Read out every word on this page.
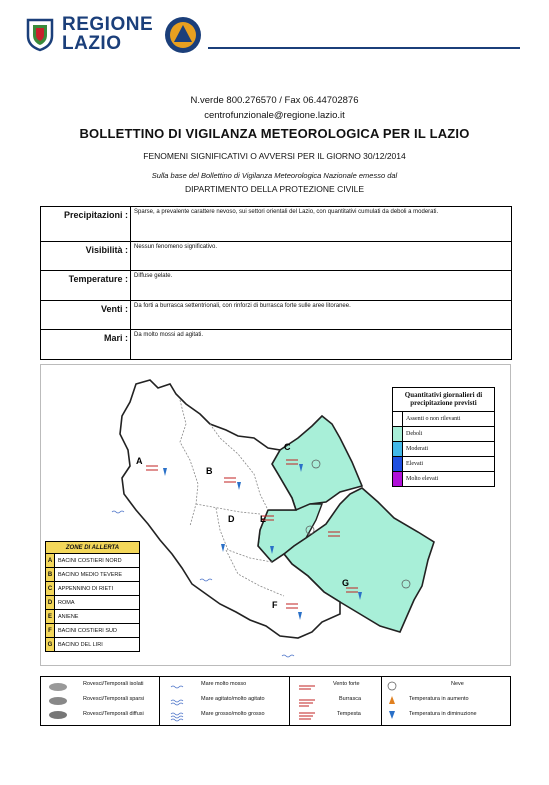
REGIONE
LAZIO
N.verde 800.276570 / Fax 06.44702876
centrofunzionale@regione.lazio.it
BOLLETTINO DI VIGILANZA METEOROLOGICA PER IL LAZIO
FENOMENI SIGNIFICATIVI O AVVERSI PER IL GIORNO 30/12/2014
Sulla base del Bollettino di Vigilanza Meteorologica Nazionale emesso dal
DIPARTIMENTO DELLA PROTEZIONE CIVILE
Precipitazioni :	Sparse, a prevalente carattere nevoso, sui settori orientali del Lazio, con quantitativi cumulati da deboli a moderati.
Visibilità :	Nessun fenomeno significativo.
Temperature :	Diffuse gelate.
Venti :	Da forti a burrasca settentrionali, con rinforzi di burrasca forte sulle aree litoranee.
Mari :	Da molto mossi ad agitati.
A
B
C
D	E
F
G
Quantitativi giornalieri di precipitazione previsti
Assenti o non rilevanti
Deboli
Moderati
Elevati
Molto elevati
ZONE DI ALLERTA	
A	BACINI COSTIERI NORD
B	BACINO MEDIO TEVERE
C	APPENNINO DI RIETI
D	ROMA
E	ANIENE
F	BACINI COSTIERI SUD
G	BACINO DEL LIRI
Rovesci/Temporali isolati
Rovesci/Temporali sparsi
Rovesci/Temporali diffusi
Mare molto mosso
Mare agitato/molto agitato
Mare grosso/molto grosso
Vento forte
Burrasca
Tempesta
Neve
Temperatura in aumento
Temperatura in diminuzione
